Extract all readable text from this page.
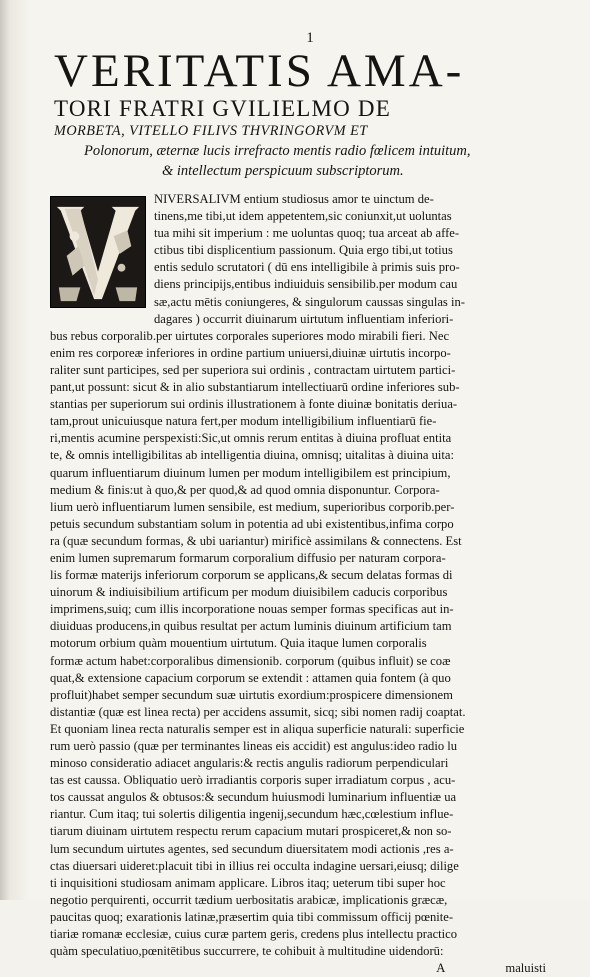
1
VERITATIS AMA-
TORI FRATRI GVILIELMO DE
MORBETA, VITELLO FILIVS THVRINGORVM ET
Polonorum, æternæ lucis irrefracto mentis radio fœlicem intuitum,
& intellectum perspicuum subscriptorum.
NIVERSALIVM entium studiosus amor te uinctum de-
tinens,me tibi,ut idem appetentem,sic coniunxit,ut uoluntas
tua mihi sit imperium : me uoluntas quoq; tua arceat ab affe-
ctibus tibi displicentium passionum. Quia ergo tibi,ut totius
entis sedulo scrutatori ( dū ens intelligibile à primis suis pro-
diens principijs,entibus indiuiduis sensibilib.per modum cau
sæ,actu mētis coniungeres, & singulorum caussas singulas in-
dagares ) occurrit diuinarum uirtutum influentiam inferiori-
bus rebus corporalib.per uirtutes corporales superiores modo mirabili fieri. Nec
enim res corporeæ inferiores in ordine partium uniuersi,diuinæ uirtutis incorpo-
raliter sunt participes, sed per superiora sui ordinis , contractam uirtutem partici-
pant,ut possunt: sicut & in alio substantiarum intellectiuarū ordine inferiores sub-
stantias per superiorum sui ordinis illustrationem à fonte diuinæ bonitatis deriua-
tam,prout unicuiusque natura fert,per modum intelligibilium influentiarū fie-
ri,mentis acumine perspexisti:Sic,ut omnis rerum entitas à diuina profluat entita
te, & omnis intelligibilitas ab intelligentia diuina, omnisq; uitalitas à diuina uita:
quarum influentiarum diuinum lumen per modum intelligibilem est principium,
medium & finis:ut à quo,& per quod,& ad quod omnia disponuntur. Corpora-
lium uerò influentiarum lumen sensibile, est medium, superioribus corporib.per-
petuis secundum substantiam solum in potentia ad ubi existentibus,infima corpo
ra (quæ secundum formas, & ubi uariantur) mirificè assimilans & connectens. Est
enim lumen supremarum formarum corporalium diffusio per naturam corpora-
lis formæ materijs inferiorum corporum se applicans,& secum delatas formas di
uinorum & indiuisibilium artificum per modum diuisibilem caducis corporibus
imprimens,suiq; cum illis incorporatione nouas semper formas specificas aut in-
diuiduas producens,in quibus resultat per actum luminis diuinum artificium tam
motorum orbium quàm mouentium uirtutum. Quia itaque lumen corporalis
formæ actum habet:corporalibus dimensionib. corporum (quibus influit) se coæ
quat,& extensione capacium corporum se extendit : attamen quia fontem (à quo
profluit)habet semper secundum suæ uirtutis exordium:prospicere dimensionem
distantiæ (quæ est linea recta) per accidens assumit, sicq; sibi nomen radij coaptat.
Et quoniam linea recta naturalis semper est in aliqua superficie naturali: superficie
rum uerò passio (quæ per terminantes lineas eis accidit) est angulus:ideo radio lu
minoso consideratio adiacet angularis:& rectis angulis radiorum perpendiculari
tas est caussa. Obliquatio uerò irradiantis corporis super irradiatum corpus , acu-
tos caussat angulos & obtusos:& secundum huiusmodi luminarium influentiæ ua
riantur. Cum itaq; tui solertis diligentia ingenij,secundum hæc,cœlestium influe-
tiarum diuinam uirtutem respectu rerum capacium mutari prospiceret,& non so-
lum secundum uirtutes agentes, sed secundum diuersitatem modi actionis ,res a-
ctas diuersari uideret:placuit tibi in illius rei occulta indagine uersari,eiusq; dilige
ti inquisitioni studiosam animam applicare. Libros itaq; ueterum tibi super hoc
negotio perquirenti, occurrit tædium uerbositatis arabicæ, implicationis græcæ,
paucitas quoq; exarationis latinæ,præsertim quia tibi commissum officij pœnite-
tiariæ romanæ ecclesiæ, cuius curæ partem geris, credens plus intellectu practico
quàm speculatiuo,pœnitētibus succurrere, te cohibuit à multitudine uidendorū:
A	maluisti
